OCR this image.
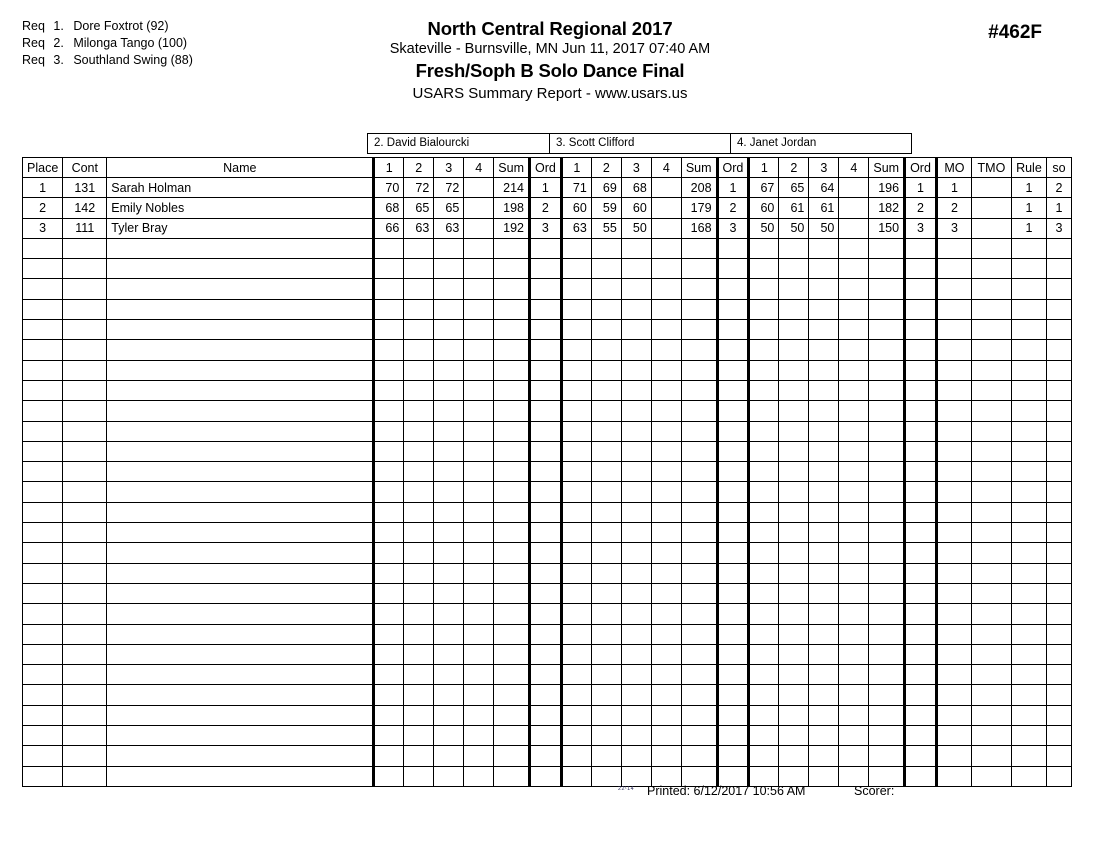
Req 1. Dore Foxtrot (92)
Req 2. Milonga Tango (100)
Req 3. Southland Swing (88)
North Central Regional 2017
Skateville - Burnsville, MN Jun 11, 2017 07:40 AM
Fresh/Soph B Solo Dance Final
USARS Summary Report - www.usars.us
#462F
2. David Bialourcki	3. Scott Clifford	4. Janet Jordan
Place	Cont	Name	1	2	3	4	Sum	Ord	1	2	3	4	Sum	Ord	1	2	3	4	Sum	Ord	MO	TMO	Rule	so
1	131	Sarah Holman	70	72	72		214	1	71	69	68		208	1	67	65	64		196	1	1		1	2
2	142	Emily Nobles	68	65	65		198	2	60	59	60		179	2	60	61	61		182	2	2		1	1
3	111	Tyler Bray	66	63	63		192	3	63	55	50		168	3	50	50	50		150	3	3		1	3

22¹14 Printed: 6/12/2017 10:56 AM	Scorer:
